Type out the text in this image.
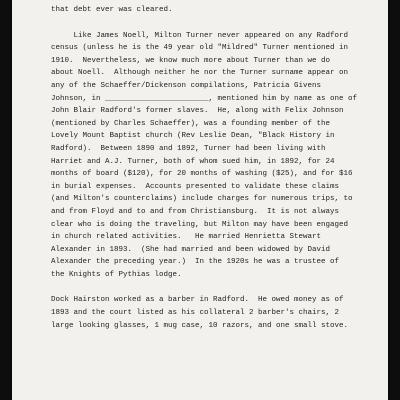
that debt ever was cleared.
Like James Noell, Milton Turner never appeared on any Radford
census (unless he is the 49 year old "Mildred" Turner mentioned in
1910.  Nevertheless, we know much more about Turner than we do
about Noell.  Although neither he nor the Turner surname appear on
any of the Schaeffer/Dickenson compilations, Patricia Givens
Johnson, in _______________________, mentioned him by name as one of
John Blair Radford's former slaves.  He, along with Felix Johnson
(mentioned by Charles Schaeffer), was a founding member of the
Lovely Mount Baptist church (Rev Leslie Dean, "Black History in
Radford).  Between 1890 and 1892, Turner had been living with
Harriet and A.J. Turner, both of whom sued him, in 1892, for 24
months of board ($120), for 20 months of washing ($25), and for $16
in burial expenses.  Accounts presented to validate these claims
(and Milton's counterclaims) include charges for numerous trips, to
and from Floyd and to and from Christiansburg.  It is not always
clear who is doing the traveling, but Milton may have been engaged
in church related activities.   He married Henrietta Stewart
Alexander in 1893.  (She had married and been widowed by David
Alexander the preceding year.)  In the 1920s he was a trustee of
the Knights of Pythias lodge.
Dock Hairston worked as a barber in Radford.  He owed money as of
1893 and the court listed as his collateral 2 barber's chairs, 2
large looking glasses, 1 mug case, 10 razors, and one small stove.
